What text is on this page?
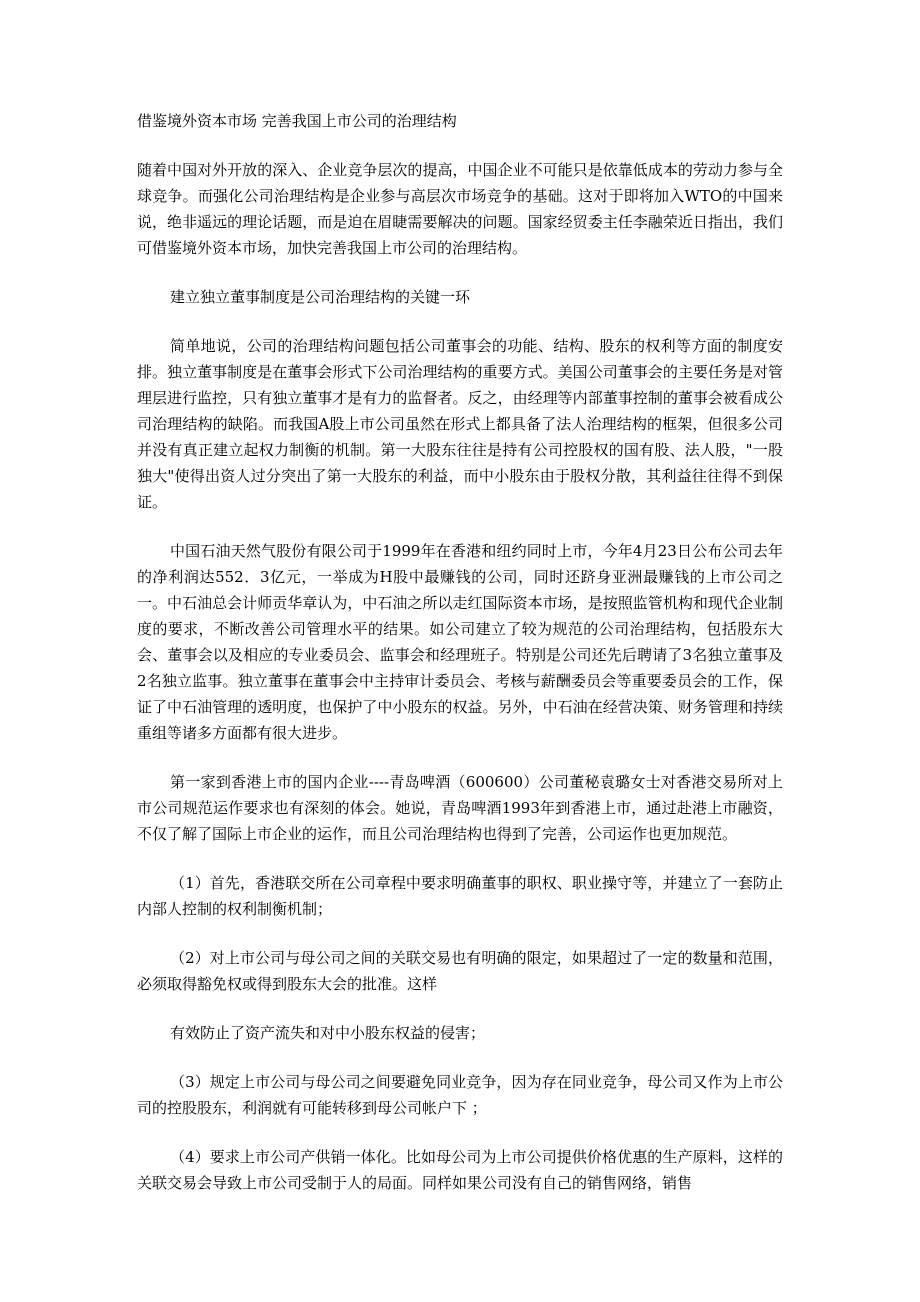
借鉴境外资本市场 完善我国上市公司的治理结构

随着中国对外开放的深入、企业竞争层次的提高，中国企业不可能只是依靠低成本的劳动力参与全球竞争。而强化公司治理结构是企业参与高层次市场竞争的基础。这对于即将加入WTO的中国来说，绝非遥远的理论话题，而是迫在眉睫需要解决的问题。国家经贸委主任李融荣近日指出，我们可借鉴境外资本市场，加快完善我国上市公司的治理结构。

建立独立董事制度是公司治理结构的关键一环

简单地说，公司的治理结构问题包括公司董事会的功能、结构、股东的权利等方面的制度安排。独立董事制度是在董事会形式下公司治理结构的重要方式。美国公司董事会的主要任务是对管理层进行监控，只有独立董事才是有力的监督者。反之，由经理等内部董事控制的董事会被看成公司治理结构的缺陷。而我国A股上市公司虽然在形式上都具备了法人治理结构的框架，但很多公司并没有真正建立起权力制衡的机制。第一大股东往往是持有公司控股权的国有股、法人股，"一股独大"使得出资人过分突出了第一大股东的利益，而中小股东由于股权分散，其利益往往得不到保证。

中国石油天然气股份有限公司于1999年在香港和纽约同时上市，今年4月23日公布公司去年的净利润达552．3亿元，一举成为H股中最赚钱的公司，同时还跻身亚洲最赚钱的上市公司之一。中石油总会计师贡华章认为，中石油之所以走红国际资本市场，是按照监管机构和现代企业制度的要求，不断改善公司管理水平的结果。如公司建立了较为规范的公司治理结构，包括股东大会、董事会以及相应的专业委员会、监事会和经理班子。特别是公司还先后聘请了3名独立董事及2名独立监事。独立董事在董事会中主持审计委员会、考核与薪酬委员会等重要委员会的工作，保证了中石油管理的透明度，也保护了中小股东的权益。另外，中石油在经营决策、财务管理和持续重组等诸多方面都有很大进步。

第一家到香港上市的国内企业----青岛啤酒（600600）公司董秘袁璐女士对香港交易所对上市公司规范运作要求也有深刻的体会。她说，青岛啤酒1993年到香港上市，通过赴港上市融资，不仅了解了国际上市企业的运作，而且公司治理结构也得到了完善，公司运作也更加规范。

（1）首先，香港联交所在公司章程中要求明确董事的职权、职业操守等，并建立了一套防止内部人控制的权利制衡机制；

（2）对上市公司与母公司之间的关联交易也有明确的限定，如果超过了一定的数量和范围，必须取得豁免权或得到股东大会的批准。这样

有效防止了资产流失和对中小股东权益的侵害；

（3）规定上市公司与母公司之间要避免同业竞争，因为存在同业竞争，母公司又作为上市公司的控股股东，利润就有可能转移到母公司帐户下 ；

（4）要求上市公司产供销一体化。比如母公司为上市公司提供价格优惠的生产原料，这样的关联交易会导致上市公司受制于人的局面。同样如果公司没有自己的销售网络，销售
